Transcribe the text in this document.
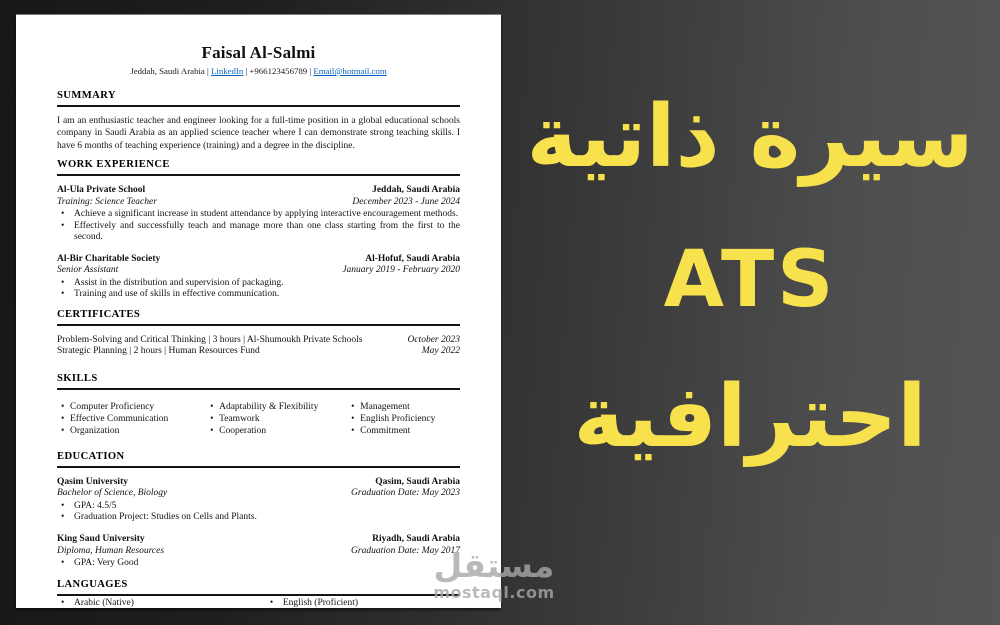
Faisal Al-Salmi
Jeddah, Saudi Arabia | LinkedIn | +966123456789 | Email@hotmail.com
SUMMARY
I am an enthusiastic teacher and engineer looking for a full-time position in a global educational schools company in Saudi Arabia as an applied science teacher where I can demonstrate strong teaching skills. I have 6 months of teaching experience (training) and a degree in the discipline.
WORK EXPERIENCE
Al-Ula Private School	Jeddah, Saudi Arabia
Training: Science Teacher	December 2023 - June 2024
• Achieve a significant increase in student attendance by applying interactive encouragement methods.
• Effectively and successfully teach and manage more than one class starting from the first to the second.
Al-Bir Charitable Society	Al-Hofuf, Saudi Arabia
Senior Assistant	January 2019 - February 2020
• Assist in the distribution and supervision of packaging.
• Training and use of skills in effective communication.
CERTIFICATES
Problem-Solving and Critical Thinking | 3 hours | Al-Shumoukh Private Schools	October 2023
Strategic Planning | 2 hours | Human Resources Fund	May 2022
SKILLS
• Computer Proficiency
• Effective Communication
• Organization
• Adaptability & Flexibility
• Teamwork
• Cooperation
• Management
• English Proficiency
• Commitment
EDUCATION
Qasim University	Qasim, Saudi Arabia
Bachelor of Science, Biology	Graduation Date: May 2023
• GPA: 4.5/5
• Graduation Project: Studies on Cells and Plants.
King Saud University	Riyadh, Saudi Arabia
Diploma, Human Resources	Graduation Date: May 2017
• GPA: Very Good
LANGUAGES
• Arabic (Native)	• English (Proficient)
سيرة ذاتية
ATS
احترافية
مستقل
mostaql.com
